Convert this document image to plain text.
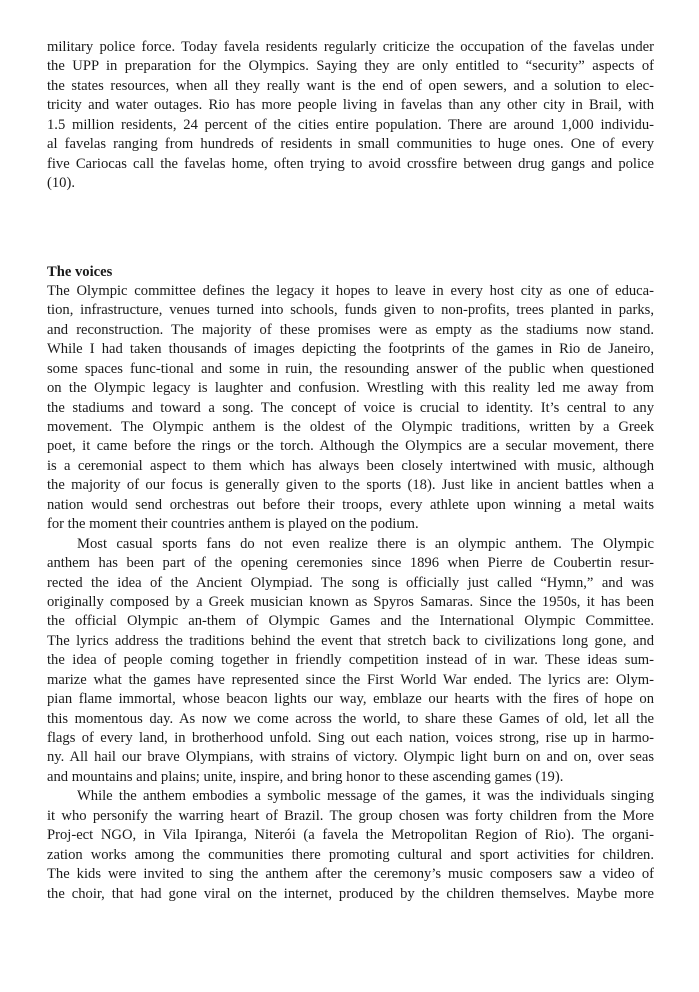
military police force. Today favela residents regularly criticize the occupation of the favelas under
the UPP in preparation for the Olympics. Saying they are only entitled to “security” aspects of
the states resources, when all they really want is the end of open sewers, and a solution to elec-
tricity and water outages. Rio has more people living in favelas than any other city in Brail, with
1.5 million residents, 24 percent of the cities entire population. There are around 1,000 individu-
al favelas ranging from hundreds of residents in small communities to huge ones. One of every
five Cariocas call the favelas home, often trying to avoid crossfire between drug gangs and police
(10).
The voices
The Olympic committee defines the legacy it hopes to leave in every host city as one of educa-
tion, infrastructure, venues turned into schools, funds given to non-profits, trees planted in parks,
and reconstruction. The majority of these promises were as empty as the stadiums now stand.
While I had taken thousands of images depicting the footprints of the games in Rio de Janeiro,
some spaces func-tional and some in ruin, the resounding answer of the public when questioned
on the Olympic legacy is laughter and confusion. Wrestling with this reality led me away from
the stadiums and toward a song. The concept of voice is crucial to identity. It’s central to any
movement. The Olympic anthem is the oldest of the Olympic traditions, written by a Greek
poet, it came before the rings or the torch. Although the Olympics are a secular movement, there
is a ceremonial aspect to them which has always been closely intertwined with music, although
the majority of our focus is generally given to the sports (18). Just like in ancient battles when a
nation would send orchestras out before their troops, every athlete upon winning a metal waits
for the moment their countries anthem is played on the podium.
Most casual sports fans do not even realize there is an olympic anthem. The Olympic
anthem has been part of the opening ceremonies since 1896 when Pierre de Coubertin resur-
rected the idea of the Ancient Olympiad. The song is officially just called “Hymn,” and was
originally composed by a Greek musician known as Spyros Samaras. Since the 1950s, it has been
the official Olympic an-them of Olympic Games and the International Olympic Committee.
The lyrics address the traditions behind the event that stretch back to civilizations long gone, and
the idea of people coming together in friendly competition instead of in war. These ideas sum-
marize what the games have represented since the First World War ended. The lyrics are: Olym-
pian flame immortal, whose beacon lights our way, emblaze our hearts with the fires of hope on
this momentous day. As now we come across the world, to share these Games of old, let all the
flags of every land, in brotherhood unfold. Sing out each nation, voices strong, rise up in harmo-
ny. All hail our brave Olympians, with strains of victory. Olympic light burn on and on, over seas
and mountains and plains; unite, inspire, and bring honor to these ascending games (19).
While the anthem embodies a symbolic message of the games, it was the individuals singing
it who personify the warring heart of Brazil. The group chosen was forty children from the More
Proj-ect NGO, in Vila Ipiranga, Niterói (a favela the Metropolitan Region of Rio). The organi-
zation works among the communities there promoting cultural and sport activities for children.
The kids were invited to sing the anthem after the ceremony’s music composers saw a video of
the choir, that had gone viral on the internet, produced by the children themselves. Maybe more
